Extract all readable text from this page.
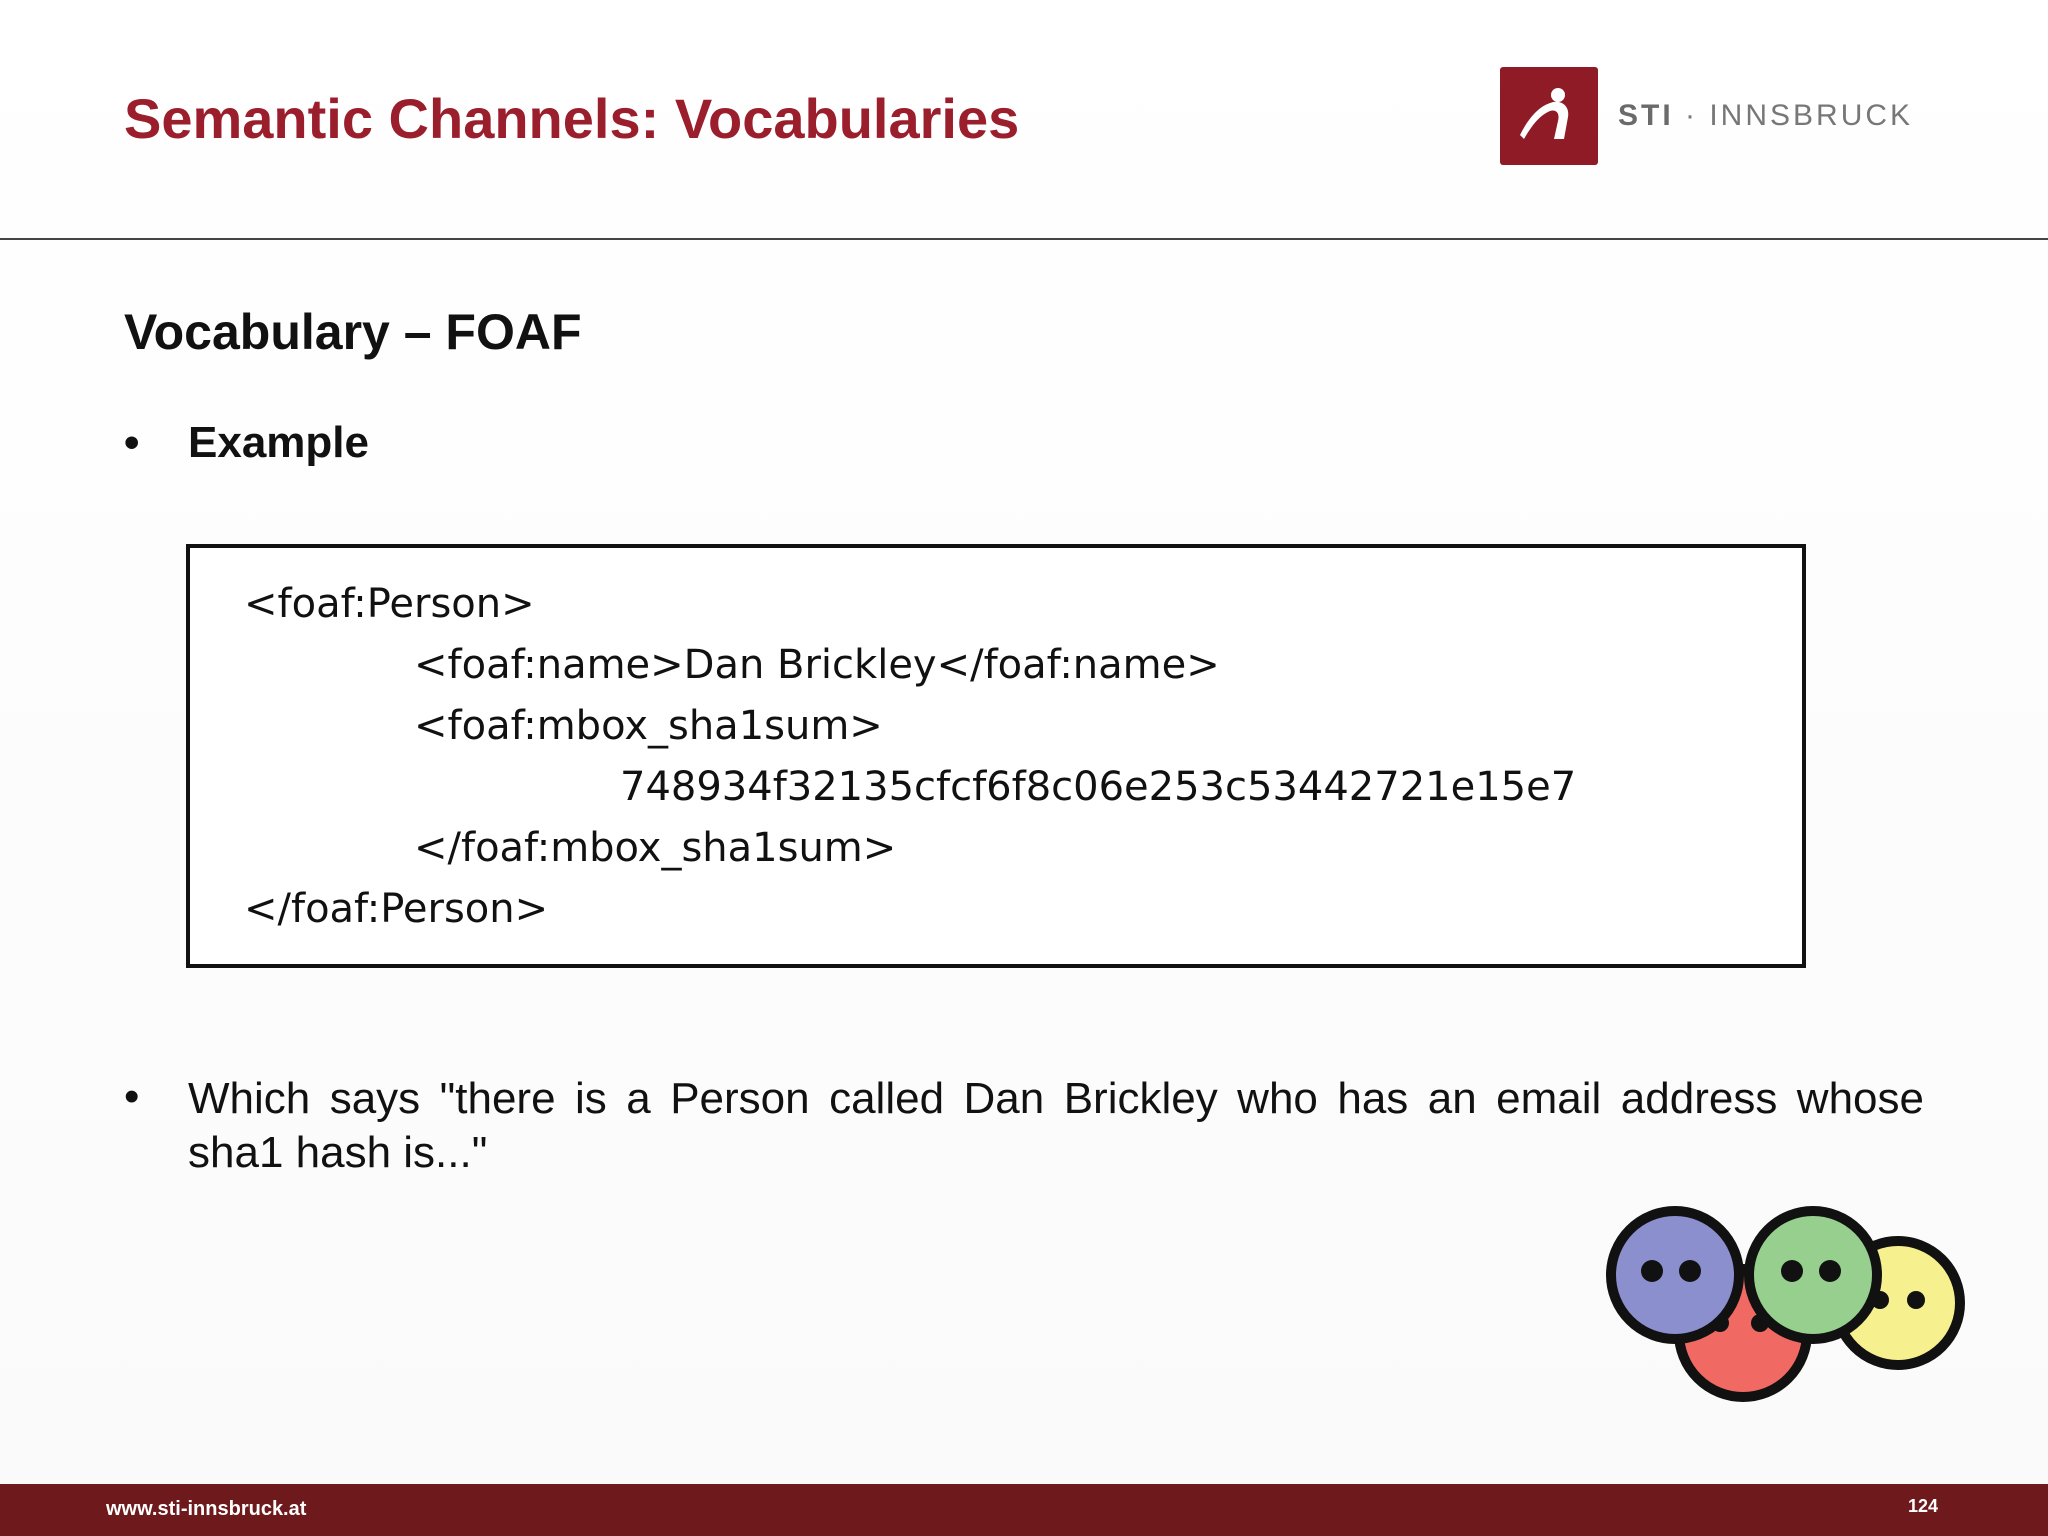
Semantic Channels: Vocabularies	STI · INNSBRUCK
Vocabulary – FOAF
•	Example
<foaf:Person>
<foaf:name>Dan Brickley</foaf:name>
<foaf:mbox_sha1sum>
748934f32135cfcf6f8c06e253c53442721e15e7
</foaf:mbox_sha1sum>
</foaf:Person>
•	Which says "there is a Person called Dan Brickley who has an email address whose sha1 hash is..."
www.sti-innsbruck.at	124
